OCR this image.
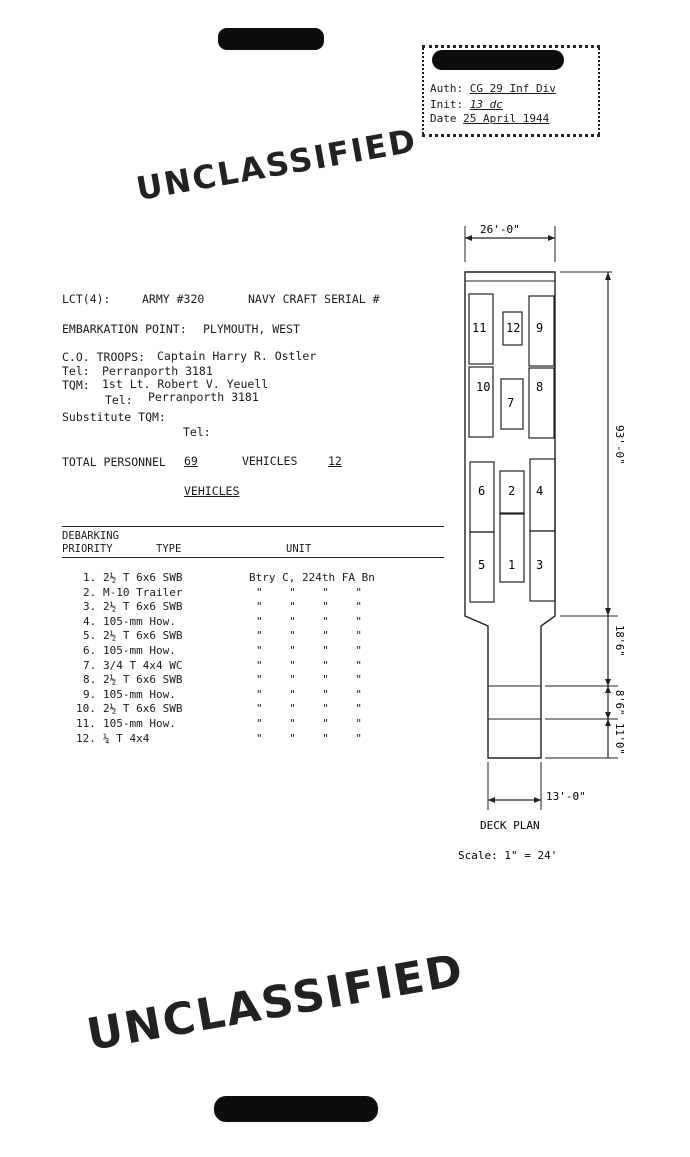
UNCLASSIFIED
UNCLASSIFIED
Auth: CG 29 Inf Div
Init: 13 dc
Date 25 April 1944
LCT(4):	ARMY #320	NAVY CRAFT SERIAL #
EMBARKATION POINT: PLYMOUTH, WEST
C.O. TROOPS: Captain Harry R. Ostler
Tel: Perranporth 3181
TQM: 1st Lt. Robert V. Yeuell
Tel: Perranporth 3181
Substitute TQM:
Tel:
TOTAL PERSONNEL 69	VEHICLES	12
VEHICLES
DEBARKING
PRIORITY	TYPE	UNIT
1. 2½ T 6x6 SWB	Btry C, 224th FA Bn
2. M-10 Trailer	"    "    "    "
3. 2½ T 6x6 SWB	"    "    "    "
4. 105-mm How.	"    "    "    "
5. 2½ T 6x6 SWB	"    "    "    "
6. 105-mm How.	"    "    "    "
7. 3/4 T 4x4 WC	"    "    "    "
8. 2½ T 6x6 SWB	"    "    "    "
9. 105-mm How.	"    "    "    "
10. 2½ T 6x6 SWB	"    "    "    "
11. 105-mm How.	"    "    "    "
12. ¼ T 4x4	"    "    "    "
26'-0"
93'-0"
18'6"
8'6"
11'0"
13'-0"
DECK PLAN
Scale: 1" = 24'
11 12 9
10
7
8
6 2 4
5 1 3
